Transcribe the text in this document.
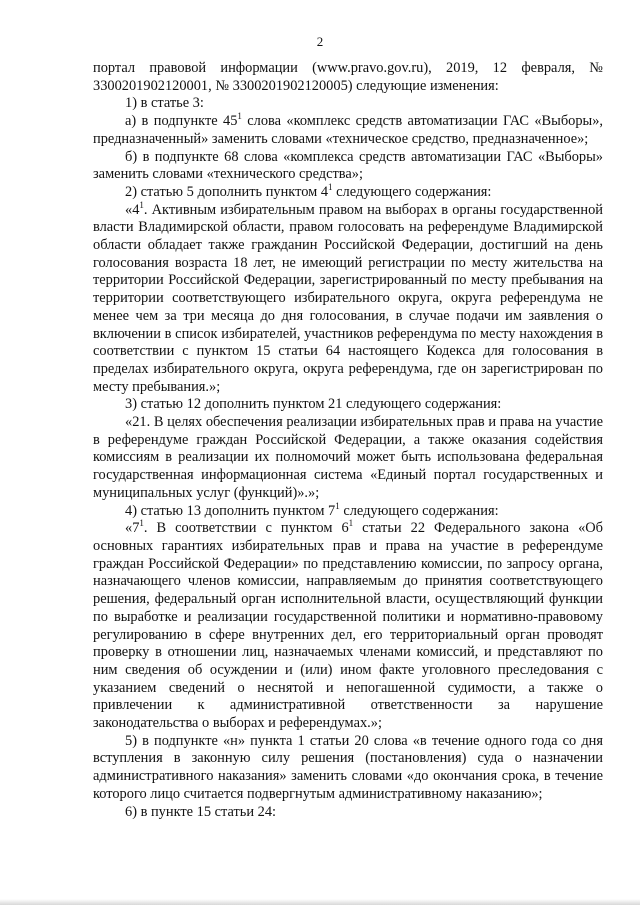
2

портал правовой информации (www.pravo.gov.ru), 2019, 12 февраля, № 3300201902120001, № 3300201902120005) следующие изменения:

1) в статье 3:

а) в подпункте $45^1$ слова «комплекс средств автоматизации ГАС «Выборы», предназначенный» заменить словами «техническое средство, предназначенное»;

б) в подпункте 68 слова «комплекса средств автоматизации ГАС «Выборы» заменить словами «технического средства»;

2) статью 5 дополнить пунктом $4^1$ следующего содержания:

«$4^1$. Активным избирательным правом на выборах в органы государственной власти Владимирской области, правом голосовать на референдуме Владимирской области обладает также гражданин Российской Федерации, достигший на день голосования возраста 18 лет, не имеющий регистрации по месту жительства на территории Российской Федерации, зарегистрированный по месту пребывания на территории соответствующего избирательного округа, округа референдума не менее чем за три месяца до дня голосования, в случае подачи им заявления о включении в список избирателей, участников референдума по месту нахождения в соответствии с пунктом 15 статьи 64 настоящего Кодекса для голосования в пределах избирательного округа, округа референдума, где он зарегистрирован по месту пребывания.»;

3) статью 12 дополнить пунктом 21 следующего содержания:

«21. В целях обеспечения реализации избирательных прав и права на участие в референдуме граждан Российской Федерации, а также оказания содействия комиссиям в реализации их полномочий может быть использована федеральная государственная информационная система «Единый портал государственных и муниципальных услуг (функций)».»;

4) статью 13 дополнить пунктом $7^1$ следующего содержания:

«$7^1$. В соответствии с пунктом $6^1$ статьи 22 Федерального закона «Об основных гарантиях избирательных прав и права на участие в референдуме граждан Российской Федерации» по представлению комиссии, по запросу органа, назначающего членов комиссии, направляемым до принятия соответствующего решения, федеральный орган исполнительной власти, осуществляющий функции по выработке и реализации государственной политики и нормативно-правовому регулированию в сфере внутренних дел, его территориальный орган проводят проверку в отношении лиц, назначаемых членами комиссий, и представляют по ним сведения об осуждении и (или) ином факте уголовного преследования с указанием сведений о неснятой и непогашенной судимости, а также о привлечении к административной ответственности за нарушение законодательства о выборах и референдумах.»;

5) в подпункте «н» пункта 1 статьи 20 слова «в течение одного года со дня вступления в законную силу решения (постановления) суда о назначении административного наказания» заменить словами «до окончания срока, в течение которого лицо считается подвергнутым административному наказанию»;

6) в пункте 15 статьи 24:
